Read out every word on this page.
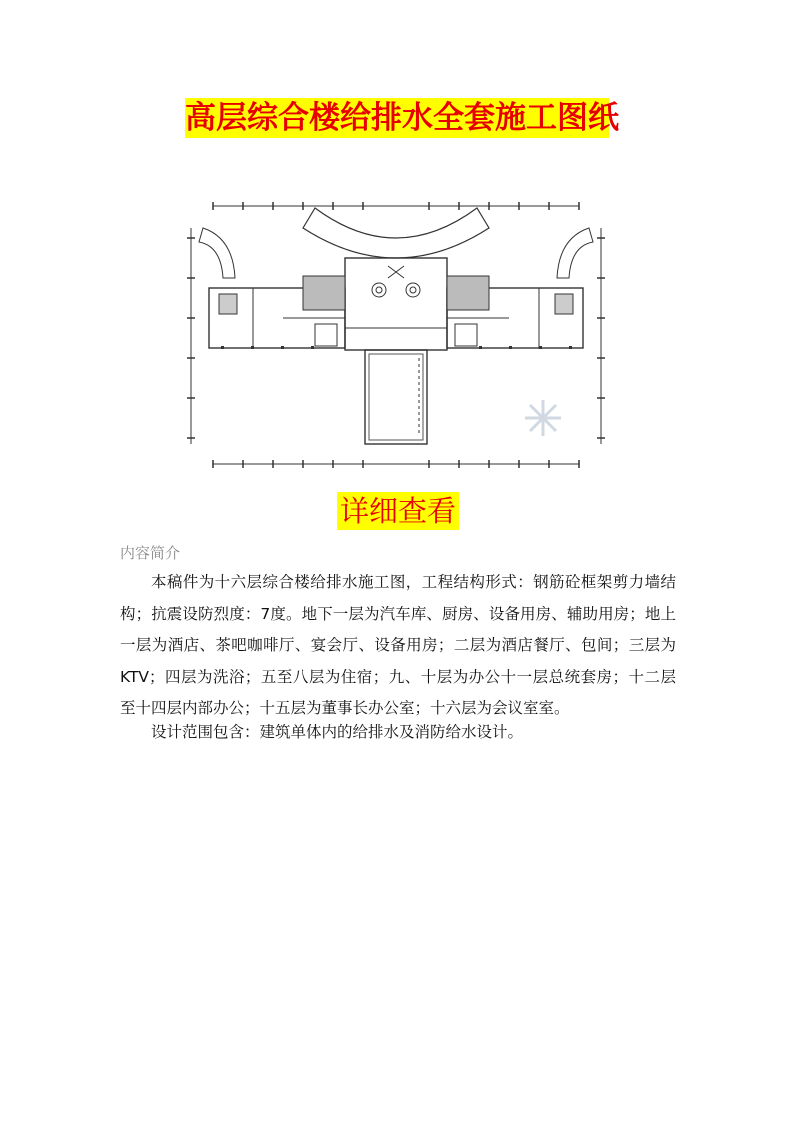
高层综合楼给排水全套施工图纸
详细查看
内容简介

本稿件为十六层综合楼给排水施工图，工程结构形式：钢筋砼框架剪力墙结构；抗震设防烈度：7度。地下一层为汽车库、厨房、设备用房、辅助用房；地上一层为酒店、茶吧咖啡厅、宴会厅、设备用房；二层为酒店餐厅、包间；三层为KTV；四层为洗浴；五至八层为住宿；九、十层为办公十一层总统套房；十二层至十四层内部办公；十五层为董事长办公室；十六层为会议室室。

设计范围包含：建筑单体内的给排水及消防给水设计。
